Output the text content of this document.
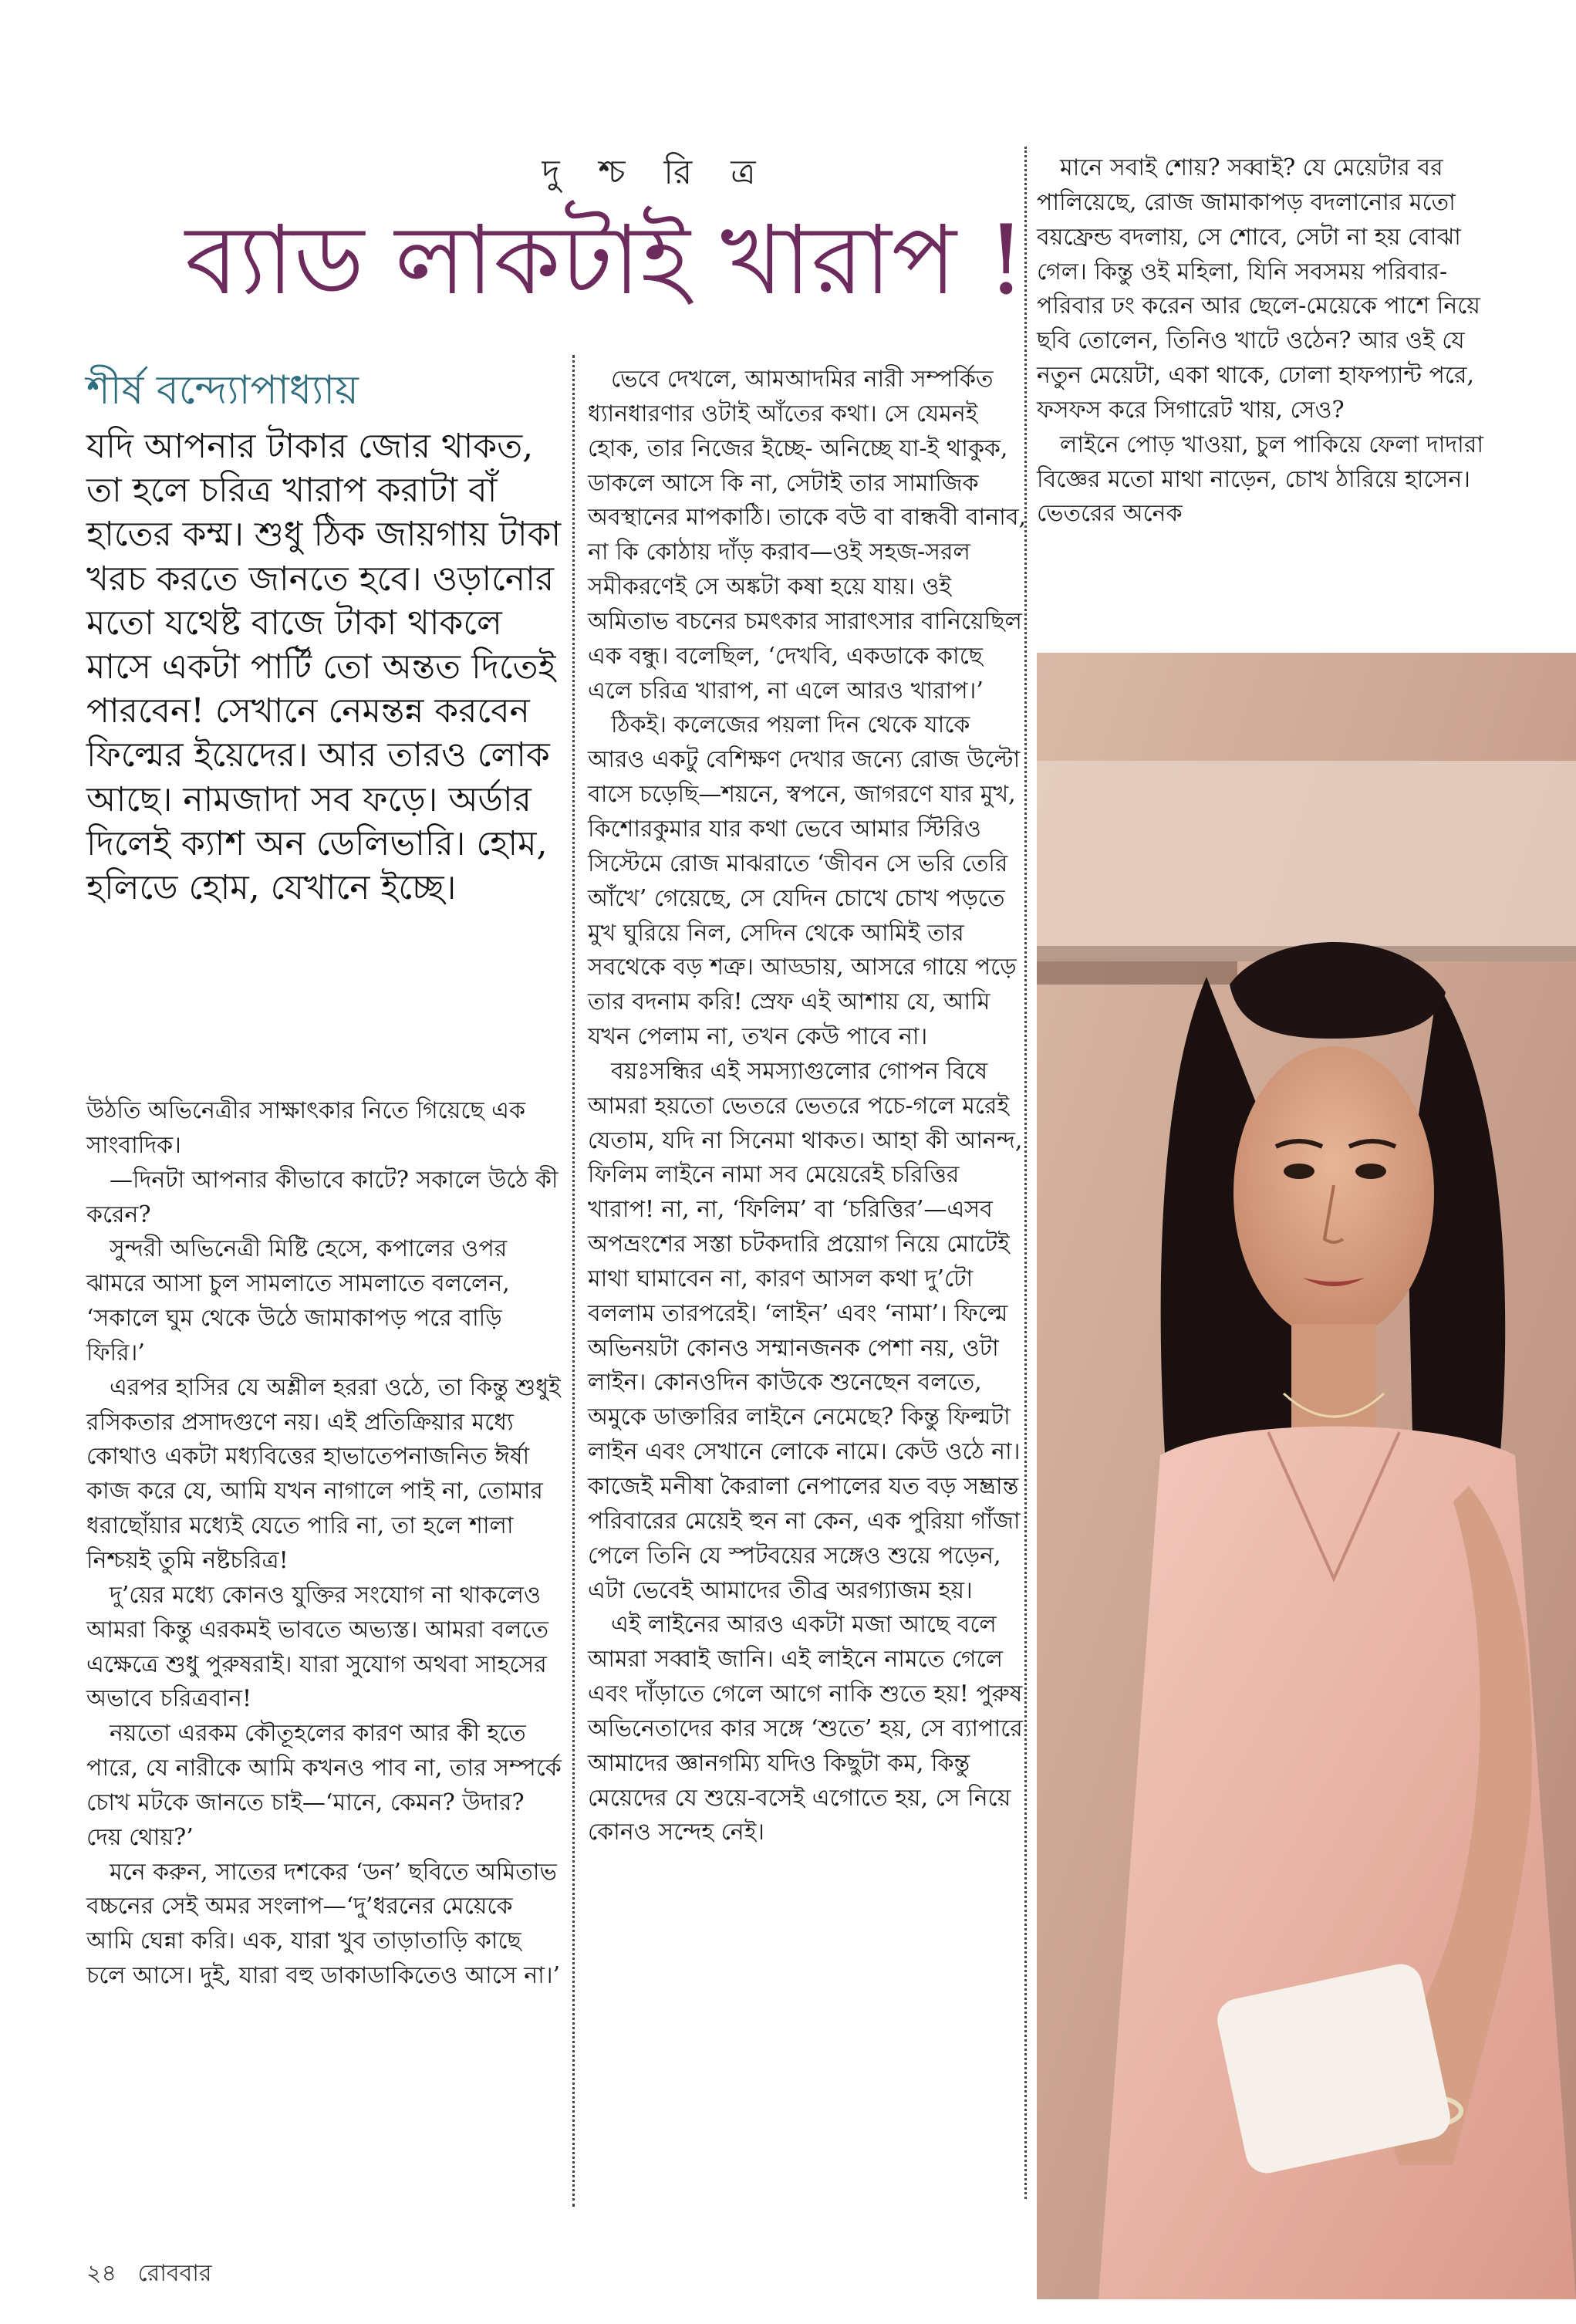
দু শ্চ রি ত্র
ব্যাড লাকটাই খারাপ !
শীর্ষ বন্দ্যোপাধ্যায়

যদি আপনার টাকার জোর থাকত, তা হলে চরিত্র খারাপ করাটা বাঁ হাতের কম্ম। শুধু ঠিক জায়গায় টাকা খরচ করতে জানতে হবে। ওড়ানোর মতো যথেষ্ট বাজে টাকা থাকলে মাসে একটা পার্টি তো অন্তত দিতেই পারবেন! সেখানে নেমন্তন্ন করবেন ফিল্মের ইয়েদের। আর তারও লোক আছে। নামজাদা সব ফড়ে। অর্ডার দিলেই ক্যাশ অন ডেলিভারি। হোম, হলিডে হোম, যেখানে ইচ্ছে।

উঠতি অভিনেত্রীর সাক্ষাৎকার নিতে গিয়েছে এক সাংবাদিক।

—দিনটা আপনার কীভাবে কাটে? সকালে উঠে কী করেন?

সুন্দরী অভিনেত্রী মিষ্টি হেসে, কপালের ওপর ঝামরে আসা চুল সামলাতে সামলাতে বললেন, ‘সকালে ঘুম থেকে উঠে জামাকাপড় পরে বাড়ি ফিরি।’

এরপর হাসির যে অশ্লীল হররা ওঠে, তা কিন্তু শুধুই রসিকতার প্রসাদগুণে নয়। এই প্রতিক্রিয়ার মধ্যে কোথাও একটা মধ্যবিত্তের হাভাতেপনাজনিত ঈর্ষা কাজ করে যে, আমি যখন নাগালে পাই না, তোমার ধরাছোঁয়ার মধ্যেই যেতে পারি না, তা হলে শালা নিশ্চয়ই তুমি নষ্টচরিত্র!

দু’য়ের মধ্যে কোনও যুক্তির সংযোগ না থাকলেও আমরা কিন্তু এরকমই ভাবতে অভ্যস্ত। আমরা বলতে এক্ষেত্রে শুধু পুরুষরাই। যারা সুযোগ অথবা সাহসের অভাবে চরিত্রবান!

নয়তো এরকম কৌতূহলের কারণ আর কী হতে পারে, যে নারীকে আমি কখনও পাব না, তার সম্পর্কে চোখ মটকে জানতে চাই—‘মানে, কেমন? উদার? দেয় থোয়?’

মনে করুন, সাতের দশকের ‘ডন’ ছবিতে অমিতাভ বচ্চনের সেই অমর সংলাপ—‘দু’ধরনের মেয়েকে আমি ঘেন্না করি। এক, যারা খুব তাড়াতাড়ি কাছে চলে আসে। দুই, যারা বহু ডাকাডাকিতেও আসে না।’

ভেবে দেখলে, আমআদমির নারী সম্পর্কিত ধ্যানধারণার ওটাই আঁতের কথা। সে যেমনই হোক, তার নিজের ইচ্ছে- অনিচ্ছে যা-ই থাকুক, ডাকলে আসে কি না, সেটাই তার সামাজিক অবস্থানের মাপকাঠি। তাকে বউ বা বান্ধবী বানাব, না কি কোঠায় দাঁড় করাব—ওই সহজ-সরল সমীকরণেই সে অঙ্কটা কষা হয়ে যায়। ওই অমিতাভ বচনের চমৎকার সারাৎসার বানিয়েছিল এক বন্ধু। বলেছিল, ‘দেখবি, একডাকে কাছে এলে চরিত্র খারাপ, না এলে আরও খারাপ।’

ঠিকই। কলেজের পয়লা দিন থেকে যাকে আরও একটু বেশিক্ষণ দেখার জন্যে রোজ উল্টো বাসে চড়েছি—শয়নে, স্বপনে, জাগরণে যার মুখ, কিশোরকুমার যার কথা ভেবে আমার স্টিরিও সিস্টেমে রোজ মাঝরাতে ‘জীবন সে ভরি তেরি আঁখে’ গেয়েছে, সে যেদিন চোখে চোখ পড়তে মুখ ঘুরিয়ে নিল, সেদিন থেকে আমিই তার সবথেকে বড় শত্রু। আড্ডায়, আসরে গায়ে পড়ে তার বদনাম করি! স্রেফ এই আশায় যে, আমি যখন পেলাম না, তখন কেউ পাবে না।

বয়ঃসন্ধির এই সমস্যাগুলোর গোপন বিষে আমরা হয়তো ভেতরে ভেতরে পচে-গলে মরেই যেতাম, যদি না সিনেমা থাকত। আহা কী আনন্দ, ফিলিম লাইনে নামা সব মেয়েরেই চরিত্তির খারাপ! না, না, ‘ফিলিম’ বা ‘চরিত্তির’—এসব অপভ্রংশের সস্তা চটকদারি প্রয়োগ নিয়ে মোটেই মাথা ঘামাবেন না, কারণ আসল কথা দু’টো বললাম তারপরেই। ‘লাইন’ এবং ‘নামা’। ফিল্মে অভিনয়টা কোনও সম্মানজনক পেশা নয়, ওটা লাইন। কোনওদিন কাউকে শুনেছেন বলতে, অমুকে ডাক্তারির লাইনে নেমেছে? কিন্তু ফিল্মটা লাইন এবং সেখানে লোকে নামে। কেউ ওঠে না। কাজেই মনীষা কৈরালা নেপালের যত বড় সম্ভ্রান্ত পরিবারের মেয়েই হুন না কেন, এক পুরিয়া গাঁজা পেলে তিনি যে স্পটবয়ের সঙ্গেও শুয়ে পড়েন, এটা ভেবেই আমাদের তীব্র অরগ্যাজম হয়।

এই লাইনের আরও একটা মজা আছে বলে আমরা সব্বাই জানি। এই লাইনে নামতে গেলে এবং দাঁড়াতে গেলে আগে নাকি শুতে হয়! পুরুষ অভিনেতাদের কার সঙ্গে ‘শুতে’ হয়, সে ব্যাপারে আমাদের জ্ঞানগম্যি যদিও কিছুটা কম, কিন্তু মেয়েদের যে শুয়ে-বসেই এগোতে হয়, সে নিয়ে কোনও সন্দেহ নেই।

মানে সবাই শোয়? সব্বাই? যে মেয়েটার বর পালিয়েছে, রোজ জামাকাপড় বদলানোর মতো বয়ফ্রেন্ড বদলায়, সে শোবে, সেটা না হয় বোঝা গেল। কিন্তু ওই মহিলা, যিনি সবসময় পরিবার-পরিবার ঢং করেন আর ছেলে-মেয়েকে পাশে নিয়ে ছবি তোলেন, তিনিও খাটে ওঠেন? আর ওই যে নতুন মেয়েটা, একা থাকে, ঢোলা হাফপ্যান্ট পরে, ফসফস করে সিগারেট খায়, সেও?

লাইনে পোড় খাওয়া, চুল পাকিয়ে ফেলা দাদারা বিজ্ঞের মতো মাথা নাড়েন, চোখ ঠারিয়ে হাসেন। ভেতরের অনেক

২৪ রোববার
